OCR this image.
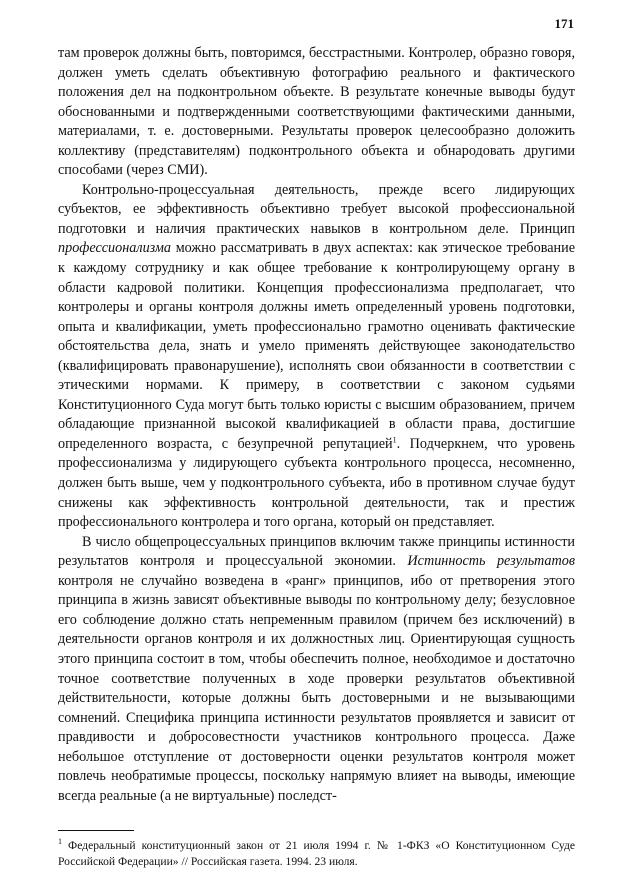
171

там проверок должны быть, повторимся, бесстрастными. Контролер, образно говоря, должен уметь сделать объективную фотографию реального и фактического положения дел на подконтрольном объекте. В результате конечные выводы будут обоснованными и подтвержденными соответствующими фактическими данными, материалами, т. е. достоверными. Результаты проверок целесообразно доложить коллективу (представителям) подконтрольного объекта и обнародовать другими способами (через СМИ).

Контрольно-процессуальная деятельность, прежде всего лидирующих субъектов, ее эффективность объективно требует высокой профессиональной подготовки и наличия практических навыков в контрольном деле. Принцип профессионализма можно рассматривать в двух аспектах: как этическое требование к каждому сотруднику и как общее требование к контролирующему органу в области кадровой политики. Концепция профессионализма предполагает, что контролеры и органы контроля должны иметь определенный уровень подготовки, опыта и квалификации, уметь профессионально грамотно оценивать фактические обстоятельства дела, знать и умело применять действующее законодательство (квалифицировать правонарушение), исполнять свои обязанности в соответствии с этическими нормами. К примеру, в соответствии с законом судьями Конституционного Суда могут быть только юристы с высшим образованием, причем обладающие признанной высокой квалификацией в области права, достигшие определенного возраста, с безупречной репутацией$^1$. Подчеркнем, что уровень профессионализма у лидирующего субъекта контрольного процесса, несомненно, должен быть выше, чем у подконтрольного субъекта, ибо в противном случае будут снижены как эффективность контрольной деятельности, так и престиж профессионального контролера и того органа, который он представляет.

В число общепроцессуальных принципов включим также принципы истинности результатов контроля и процессуальной экономии. Истинность результатов контроля не случайно возведена в «ранг» принципов, ибо от претворения этого принципа в жизнь зависят объективные выводы по контрольному делу; безусловное его соблюдение должно стать непременным правилом (причем без исключений) в деятельности органов контроля и их должностных лиц. Ориентирующая сущность этого принципа состоит в том, чтобы обеспечить полное, необходимое и достаточно точное соответствие полученных в ходе проверки результатов объективной действительности, которые должны быть достоверными и не вызывающими сомнений. Специфика принципа истинности результатов проявляется и зависит от правдивости и добросовестности участников контрольного процесса. Даже небольшое отступление от достоверности оценки результатов контроля может повлечь необратимые процессы, поскольку напрямую влияет на выводы, имеющие всегда реальные (а не виртуальные) последст-

$^1$ Федеральный конституционный закон от 21 июля 1994 г. № 1-ФКЗ «О Конституционном Суде Российской Федерации» // Российская газета. 1994. 23 июля.
